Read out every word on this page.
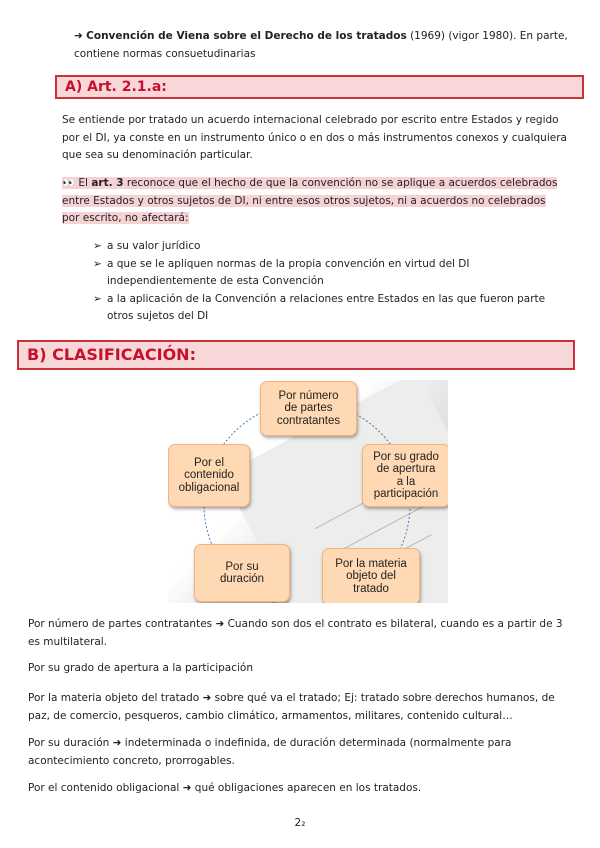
➜ Convención de Viena sobre el Derecho de los tratados (1969) (vigor 1980). En parte,
contiene normas consuetudinarias

A) Art. 2.1.a:

Se entiende por tratado un acuerdo internacional celebrado por escrito entre Estados y regido
por el DI, ya conste en un instrumento único o en dos o más instrumentos conexos y cualquiera
que sea su denominación particular.

👀 El art. 3 reconoce que el hecho de que la convención no se aplique a acuerdos celebrados
entre Estados y otros sujetos de DI, ni entre esos otros sujetos, ni a acuerdos no celebrados
por escrito, no afectará:

➢ a su valor jurídico
➢ a que se le apliquen normas de la propia convención en virtud del DI
independientemente de esta Convención
➢ a la aplicación de la Convención a relaciones entre Estados en las que fueron parte
otros sujetos del DI
B) CLASIFICACIÓN:
Por número
de partes
contratantes
Por su grado
de apertura
a la
participación
Por la materia
objeto del
tratado
Por su
duración
Por el
contenido
obligacional

Por número de partes contratantes ➜ Cuando son dos el contrato es bilateral, cuando es a partir de 3
es multilateral.

Por su grado de apertura a la participación

Por la materia objeto del tratado ➜ sobre qué va el tratado; Ej: tratado sobre derechos humanos, de
paz, de comercio, pesqueros, cambio climático, armamentos, militares, contenido cultural…

Por su duración ➜ indeterminada o indefinida, de duración determinada (normalmente para
acontecimiento concreto, prorrogables.

Por el contenido obligacional ➜ qué obligaciones aparecen en los tratados.

2₂
